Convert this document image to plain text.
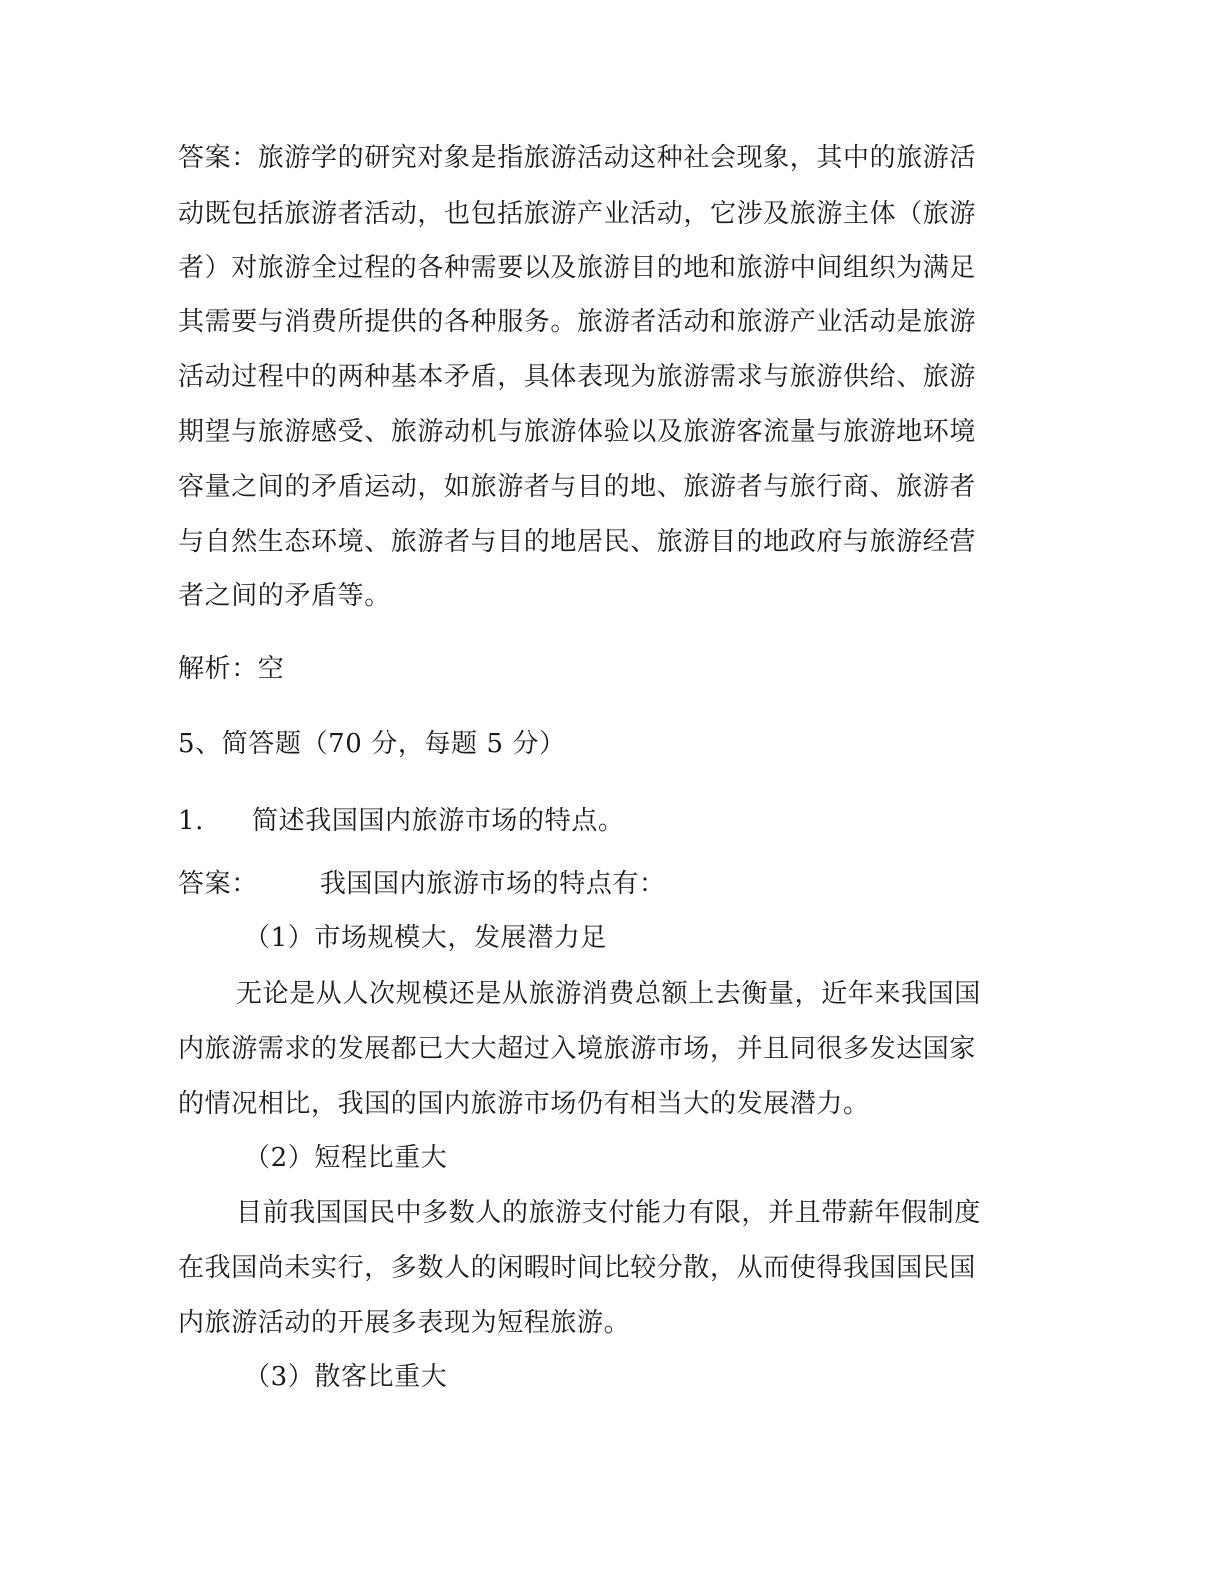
答案：旅游学的研究对象是指旅游活动这种社会现象，其中的旅游活
动既包括旅游者活动，也包括旅游产业活动，它涉及旅游主体（旅游
者）对旅游全过程的各种需要以及旅游目的地和旅游中间组织为满足
其需要与消费所提供的各种服务。旅游者活动和旅游产业活动是旅游
活动过程中的两种基本矛盾，具体表现为旅游需求与旅游供给、旅游
期望与旅游感受、旅游动机与旅游体验以及旅游客流量与旅游地环境
容量之间的矛盾运动，如旅游者与目的地、旅游者与旅行商、旅游者
与自然生态环境、旅游者与目的地居民、旅游目的地政府与旅游经营
者之间的矛盾等。
解析：空
5、简答题（70 分，每题 5 分）
1. 简述我国国内旅游市场的特点。
答案： 我国国内旅游市场的特点有：
（1）市场规模大，发展潜力足
无论是从人次规模还是从旅游消费总额上去衡量，近年来我国国
内旅游需求的发展都已大大超过入境旅游市场，并且同很多发达国家
的情况相比，我国的国内旅游市场仍有相当大的发展潜力。
（2）短程比重大
目前我国国民中多数人的旅游支付能力有限，并且带薪年假制度
在我国尚未实行，多数人的闲暇时间比较分散，从而使得我国国民国
内旅游活动的开展多表现为短程旅游。
（3）散客比重大
